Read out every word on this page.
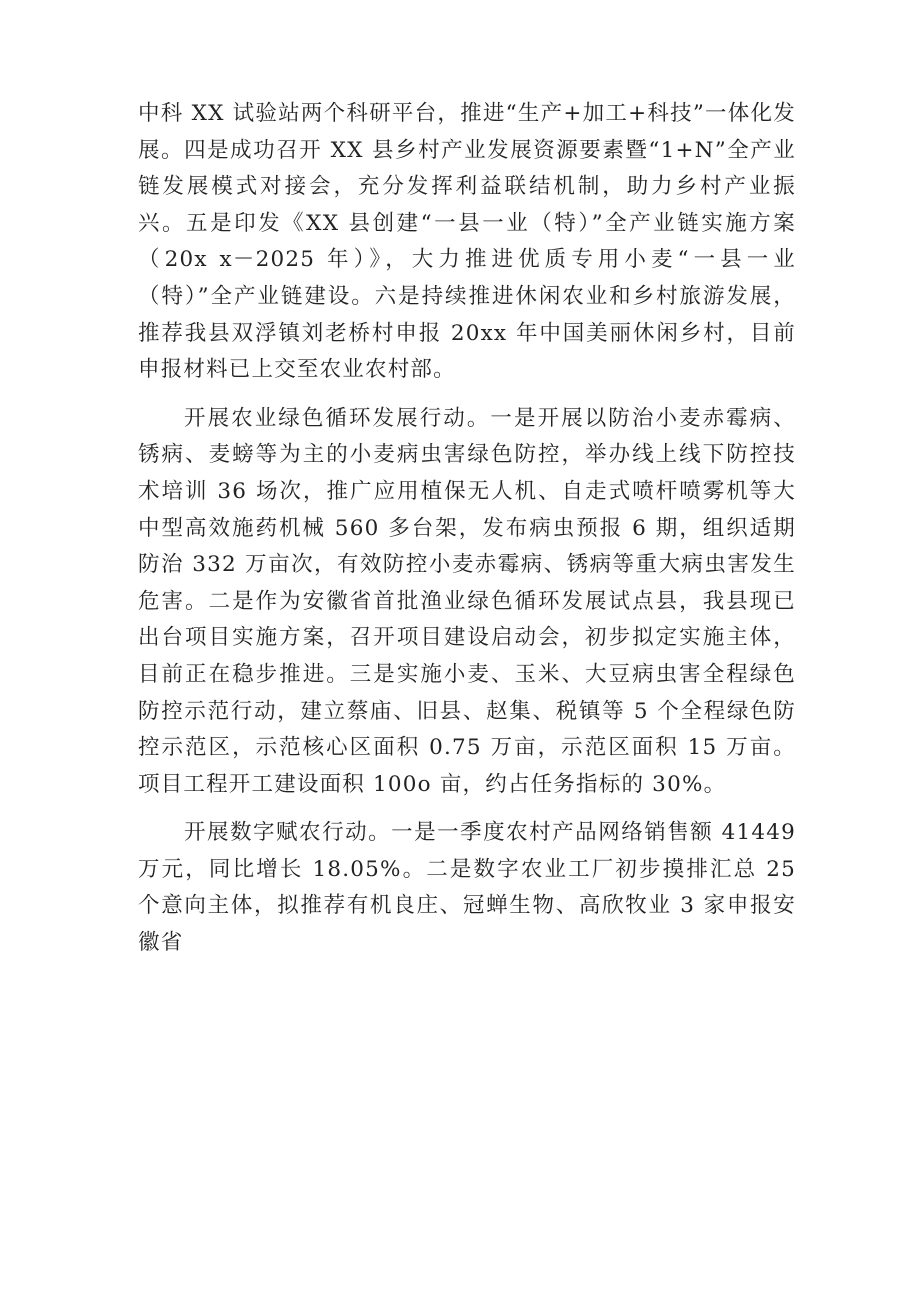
中科 XX 试验站两个科研平台，推进“生产+加工+科技”一体化发展。四是成功召开 XX 县乡村产业发展资源要素暨“1+N”全产业链发展模式对接会，充分发挥利益联结机制，助力乡村产业振兴。五是印发《XX 县创建“一县一业（特）”全产业链实施方案（20x x－2025 年）》，大力推进优质专用小麦“一县一业（特）”全产业链建设。六是持续推进休闲农业和乡村旅游发展，推荐我县双浮镇刘老桥村申报 20xx 年中国美丽休闲乡村，目前申报材料已上交至农业农村部。

开展农业绿色循环发展行动。一是开展以防治小麦赤霉病、锈病、麦螃等为主的小麦病虫害绿色防控，举办线上线下防控技术培训 36 场次，推广应用植保无人机、自走式喷杆喷雾机等大中型高效施药机械 560 多台架，发布病虫预报 6 期，组织适期防治 332 万亩次，有效防控小麦赤霉病、锈病等重大病虫害发生危害。二是作为安徽省首批渔业绿色循环发展试点县，我县现已出台项目实施方案，召开项目建设启动会，初步拟定实施主体，目前正在稳步推进。三是实施小麦、玉米、大豆病虫害全程绿色防控示范行动，建立蔡庙、旧县、赵集、税镇等 5 个全程绿色防控示范区，示范核心区面积 0.75 万亩，示范区面积 15 万亩。项目工程开工建设面积 100o 亩，约占任务指标的 30%。

开展数字赋农行动。一是一季度农村产品网络销售额 41449 万元，同比增长 18.05%。二是数字农业工厂初步摸排汇总 25 个意向主体，拟推荐有机良庄、冠蝉生物、高欣牧业 3 家申报安徽省
